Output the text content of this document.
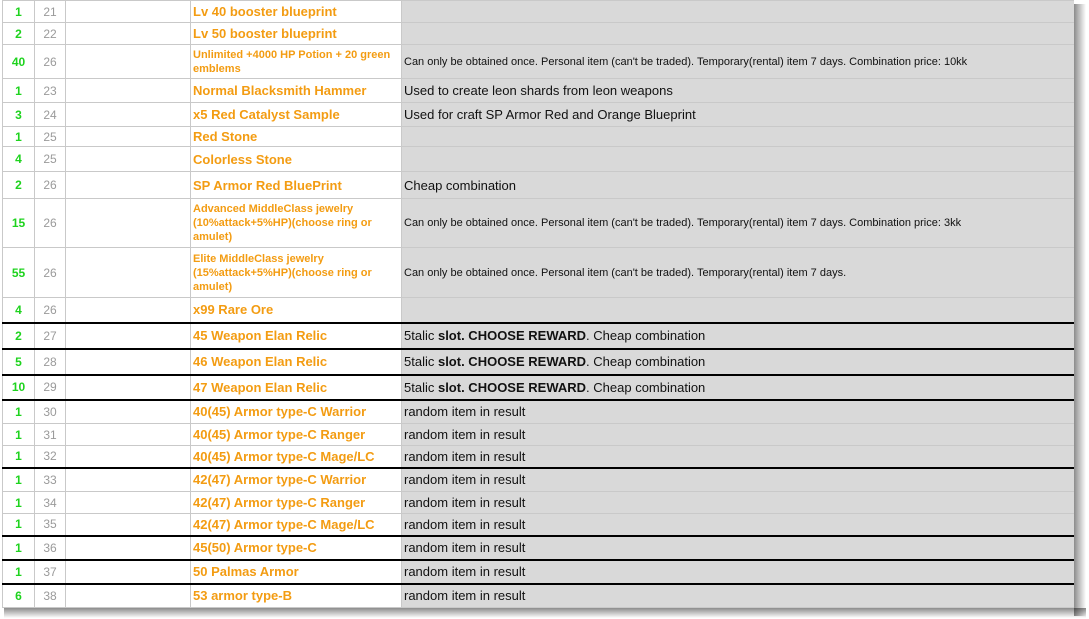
1	21		Lv 40 booster blueprint	
2	22		Lv 50 booster blueprint	
40	26		Unlimited +4000 HP Potion + 20 green emblems	Can only be obtained once. Personal item (can't be traded). Temporary(rental) item 7 days. Combination price: 10kk
1	23		Normal Blacksmith Hammer	Used to create leon shards from leon weapons
3	24		x5 Red Catalyst Sample	Used for craft SP Armor Red and Orange Blueprint
1	25		Red Stone	
4	25		Colorless Stone	
2	26		SP Armor Red BluePrint	Cheap combination
15	26		Advanced MiddleClass jewelry (10%attack+5%HP)(choose ring or amulet)	Can only be obtained once. Personal item (can't be traded). Temporary(rental) item 7 days. Combination price: 3kk
55	26		Elite MiddleClass jewelry (15%attack+5%HP)(choose ring or amulet)	Can only be obtained once. Personal item (can't be traded). Temporary(rental) item 7 days.
4	26		x99 Rare Ore	
2	27		45 Weapon Elan Relic	5talic slot. CHOOSE REWARD. Cheap combination
5	28		46 Weapon Elan Relic	5talic slot. CHOOSE REWARD. Cheap combination
10	29		47 Weapon Elan Relic	5talic slot. CHOOSE REWARD. Cheap combination
1	30		40(45) Armor type-C Warrior	random item in result
1	31		40(45) Armor type-C Ranger	random item in result
1	32		40(45) Armor type-C Mage/LC	random item in result
1	33		42(47) Armor type-C Warrior	random item in result
1	34		42(47) Armor type-C Ranger	random item in result
1	35		42(47) Armor type-C Mage/LC	random item in result
1	36		45(50) Armor type-C	random item in result
1	37		50 Palmas Armor	random item in result
6	38		53 armor type-B	random item in result
